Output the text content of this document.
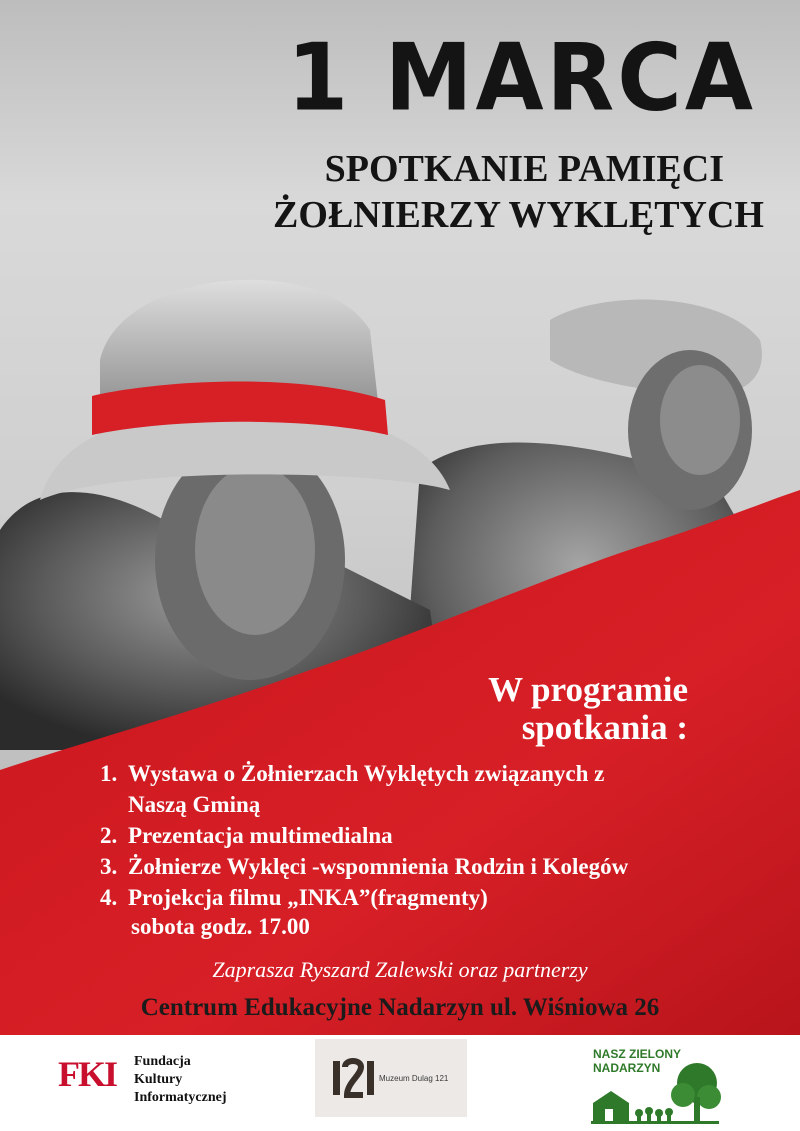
1 MARCA
SPOTKANIE PAMIĘCI
ŻOŁNIERZY WYKLĘTYCH
W programie
spotkania :
1. Wystawa o Żołnierzach Wyklętych związanych z
Naszą Gminą
2. Prezentacja multimedialna
3. Żołnierze Wyklęci -wspomnienia Rodzin i Kolegów
4. Projekcja filmu „INKA”(fragmenty)
sobota godz. 17.00
Zaprasza Ryszard Zalewski oraz partnerzy
Centrum Edukacyjne Nadarzyn ul. Wiśniowa 26
FKI Fundacja
Kultury
Informatycznej
Muzeum Dulag 121
NASZ ZIELONY
NADARZYN
